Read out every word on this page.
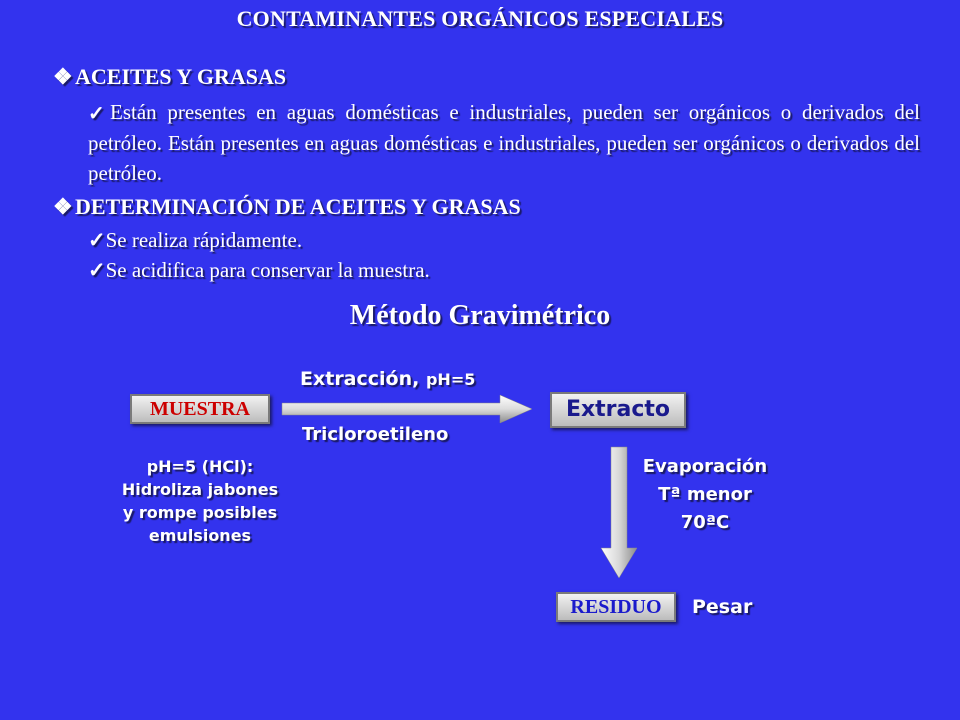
CONTAMINANTES ORGÁNICOS ESPECIALES
❖ ACEITES Y GRASAS
✓ Están presentes en aguas domésticas e industriales, pueden ser orgánicos o derivados del petróleo. Están presentes en aguas domésticas e industriales, pueden ser orgánicos o derivados del petróleo.
❖ DETERMINACIÓN DE ACEITES Y GRASAS
✓Se realiza rápidamente.
✓Se acidifica para conservar la muestra.
Método Gravimétrico
MUESTRA	Extracto
RESIDUO
Extracción, pH=5
Tricloroetileno
pH=5 (HCl):
Hidroliza jabones
y rompe posibles
emulsiones
Evaporación
Tª menor
70ªC
Pesar
